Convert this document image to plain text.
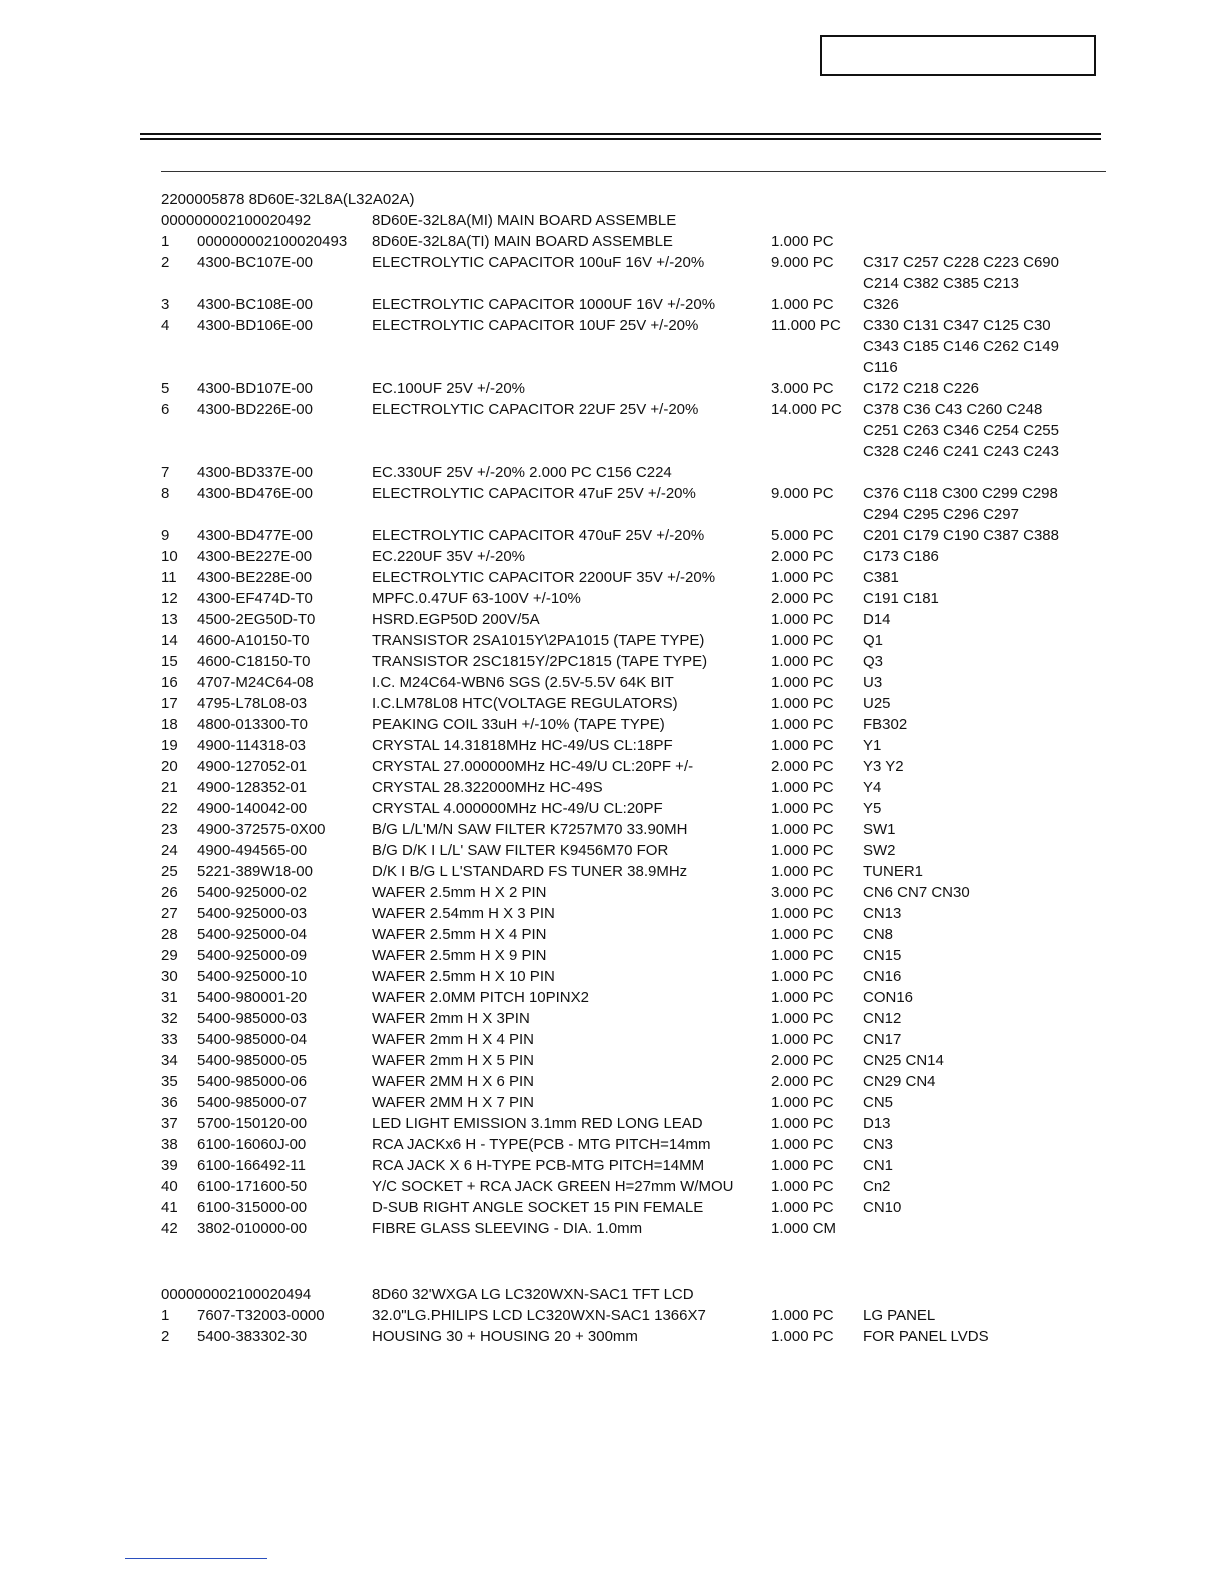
2200005878 8D60E-32L8A(L32A02A)
000000002100020492	8D60E-32L8A(MI) MAIN BOARD ASSEMBLE
1 000000002100020493 8D60E-32L8A(TI) MAIN BOARD ASSEMBLE	1.000 PC
2 4300-BC107E-00	ELECTROLYTIC CAPACITOR 100uF 16V +/-20%	9.000 PC C317 C257 C228 C223 C690
C214 C382 C385 C213
3 4300-BC108E-00	ELECTROLYTIC CAPACITOR 1000UF 16V +/-20%	1.000 PC C326
4 4300-BD106E-00	ELECTROLYTIC CAPACITOR 10UF 25V +/-20%	11.000 PC C330 C131 C347 C125 C30
C343 C185 C146 C262 C149
C116
5 4300-BD107E-00	EC.100UF 25V +/-20%	3.000 PC C172 C218 C226
6 4300-BD226E-00	ELECTROLYTIC CAPACITOR 22UF 25V +/-20%	14.000 PC C378 C36 C43 C260 C248
C251 C263 C346 C254 C255
C328 C246 C241 C243 C243
7 4300-BD337E-00	EC.330UF 25V +/-20% 2.000 PC C156 C224
8 4300-BD476E-00	ELECTROLYTIC CAPACITOR 47uF 25V +/-20%	9.000 PC C376 C118 C300 C299 C298
C294 C295 C296 C297
9 4300-BD477E-00	ELECTROLYTIC CAPACITOR 470uF 25V +/-20%	5.000 PC C201 C179 C190 C387 C388
10 4300-BE227E-00	EC.220UF 35V +/-20%	2.000 PC C173 C186
11 4300-BE228E-00	ELECTROLYTIC CAPACITOR 2200UF 35V +/-20%	1.000 PC C381
12 4300-EF474D-T0	MPFC.0.47UF 63-100V +/-10%	2.000 PC C191 C181
13 4500-2EG50D-T0	HSRD.EGP50D 200V/5A	1.000 PC D14
14 4600-A10150-T0	TRANSISTOR 2SA1015Y\2PA1015 (TAPE TYPE)	1.000 PC Q1
15 4600-C18150-T0	TRANSISTOR 2SC1815Y/2PC1815 (TAPE TYPE)	1.000 PC Q3
16 4707-M24C64-08	I.C. M24C64-WBN6 SGS (2.5V-5.5V 64K BIT	1.000 PC U3
17 4795-L78L08-03	I.C.LM78L08 HTC(VOLTAGE REGULATORS)	1.000 PC U25
18 4800-013300-T0	PEAKING COIL 33uH +/-10% (TAPE TYPE)	1.000 PC FB302
19 4900-114318-03	CRYSTAL 14.31818MHz HC-49/US CL:18PF	1.000 PC Y1
20 4900-127052-01	CRYSTAL 27.000000MHz HC-49/U CL:20PF +/-	2.000 PC Y3 Y2
21 4900-128352-01	CRYSTAL 28.322000MHz HC-49S	1.000 PC Y4
22 4900-140042-00	CRYSTAL 4.000000MHz HC-49/U CL:20PF	1.000 PC Y5
23 4900-372575-0X00	B/G L/L'M/N SAW FILTER K7257M70 33.90MH	1.000 PC SW1
24 4900-494565-00	B/G D/K I L/L' SAW FILTER K9456M70 FOR	1.000 PC SW2
25 5221-389W18-00	D/K I B/G L L'STANDARD FS TUNER 38.9MHz	1.000 PC TUNER1
26 5400-925000-02	WAFER 2.5mm H X 2 PIN	3.000 PC CN6 CN7 CN30
27 5400-925000-03	WAFER 2.54mm H X 3 PIN	1.000 PC CN13
28 5400-925000-04	WAFER 2.5mm H X 4 PIN	1.000 PC CN8
29 5400-925000-09	WAFER 2.5mm H X 9 PIN	1.000 PC CN15
30 5400-925000-10	WAFER 2.5mm H X 10 PIN	1.000 PC CN16
31 5400-980001-20	WAFER 2.0MM PITCH 10PINX2	1.000 PC CON16
32 5400-985000-03	WAFER 2mm H X 3PIN	1.000 PC CN12
33 5400-985000-04	WAFER 2mm H X 4 PIN	1.000 PC CN17
34 5400-985000-05	WAFER 2mm H X 5 PIN	2.000 PC CN25 CN14
35 5400-985000-06	WAFER 2MM H X 6 PIN	2.000 PC CN29 CN4
36 5400-985000-07	WAFER 2MM H X 7 PIN	1.000 PC CN5
37 5700-150120-00	LED LIGHT EMISSION 3.1mm RED LONG LEAD	1.000 PC D13
38 6100-16060J-00	RCA JACKx6 H - TYPE(PCB - MTG PITCH=14mm	1.000 PC CN3
39 6100-166492-11	RCA JACK X 6 H-TYPE PCB-MTG PITCH=14MM	1.000 PC CN1
40 6100-171600-50	Y/C SOCKET + RCA JACK GREEN H=27mm W/MOU	1.000 PC Cn2
41 6100-315000-00	D-SUB RIGHT ANGLE SOCKET 15 PIN FEMALE	1.000 PC CN10
42 3802-010000-00	FIBRE GLASS SLEEVING - DIA. 1.0mm	1.000 CM
000000002100020494	8D60 32'WXGA LG LC320WXN-SAC1 TFT LCD
1 7607-T32003-0000	32.0"LG.PHILIPS LCD LC320WXN-SAC1 1366X7	1.000 PC LG PANEL
2 5400-383302-30	HOUSING 30 + HOUSING 20 + 300mm	1.000 PC FOR PANEL LVDS
